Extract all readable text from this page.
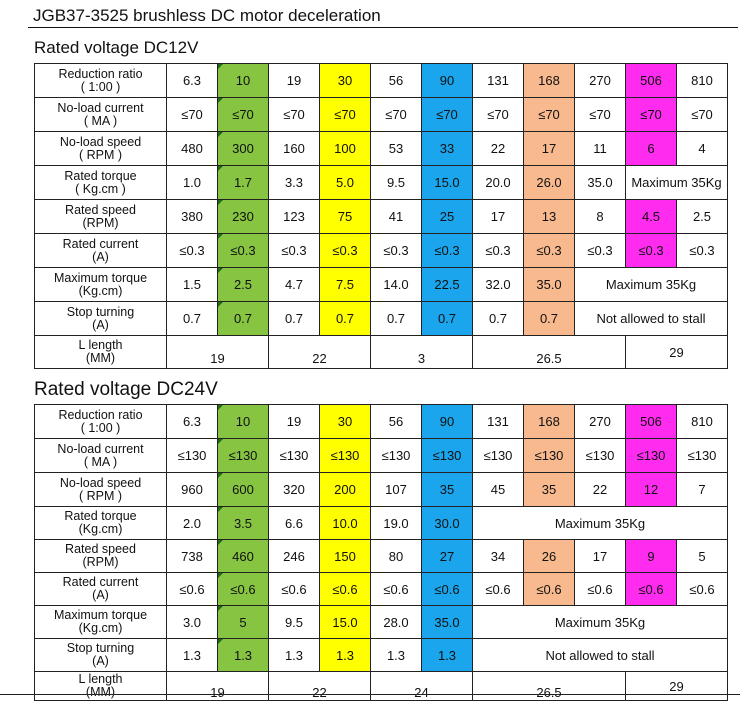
JGB37-3525 brushless DC motor deceleration
Rated voltage DC12V
Reduction ratio
( 1:00 )	6.3	10	19	30	56	90	131	168	270	506	810

No-load current
( MA )	≤70	≤70	≤70	≤70	≤70	≤70	≤70	≤70	≤70	≤70	≤70

No-load speed
( RPM )	480	300	160	100	53	33	22	17	11	6	4

Rated torque
( Kg.cm )	1.0	1.7	3.3	5.0	9.5	15.0	20.0	26.0	35.0	Maximum 35Kg	

Rated speed
(RPM)	380	230	123	75	41	25	17	13	8	4.5	2.5

Rated current
(A)	≤0.3	≤0.3	≤0.3	≤0.3	≤0.3	≤0.3	≤0.3	≤0.3	≤0.3	≤0.3	≤0.3

Maximum torque
(Kg.cm)	1.5	2.5	4.7	7.5	14.0	22.5	32.0	35.0	Maximum 35Kg		

Stop turning
(A)	0.7	0.7	0.7	0.7	0.7	0.7	0.7	0.7	Not allowed to stall		

L length
(MM)	19		22		3		26.5			29	
Rated voltage DC24V
Reduction ratio
( 1:00 )	6.3	10	19	30	56	90	131	168	270	506	810

No-load current
( MA )	≤130	≤130	≤130	≤130	≤130	≤130	≤130	≤130	≤130	≤130	≤130

No-load speed
( RPM )	960	600	320	200	107	35	45	35	22	12	7

Rated torque
(Kg.cm)	2.0	3.5	6.6	10.0	19.0	30.0	Maximum 35Kg				

Rated speed
(RPM)	738	460	246	150	80	27	34	26	17	9	5

Rated current
(A)	≤0.6	≤0.6	≤0.6	≤0.6	≤0.6	≤0.6	≤0.6	≤0.6	≤0.6	≤0.6	≤0.6

Maximum torque
(Kg.cm)	3.0	5	9.5	15.0	28.0	35.0	Maximum 35Kg				

Stop turning
(A)	1.3	1.3	1.3	1.3	1.3	1.3	Not allowed to stall				

L length
(MM)	19		22		24		26.5			29	
